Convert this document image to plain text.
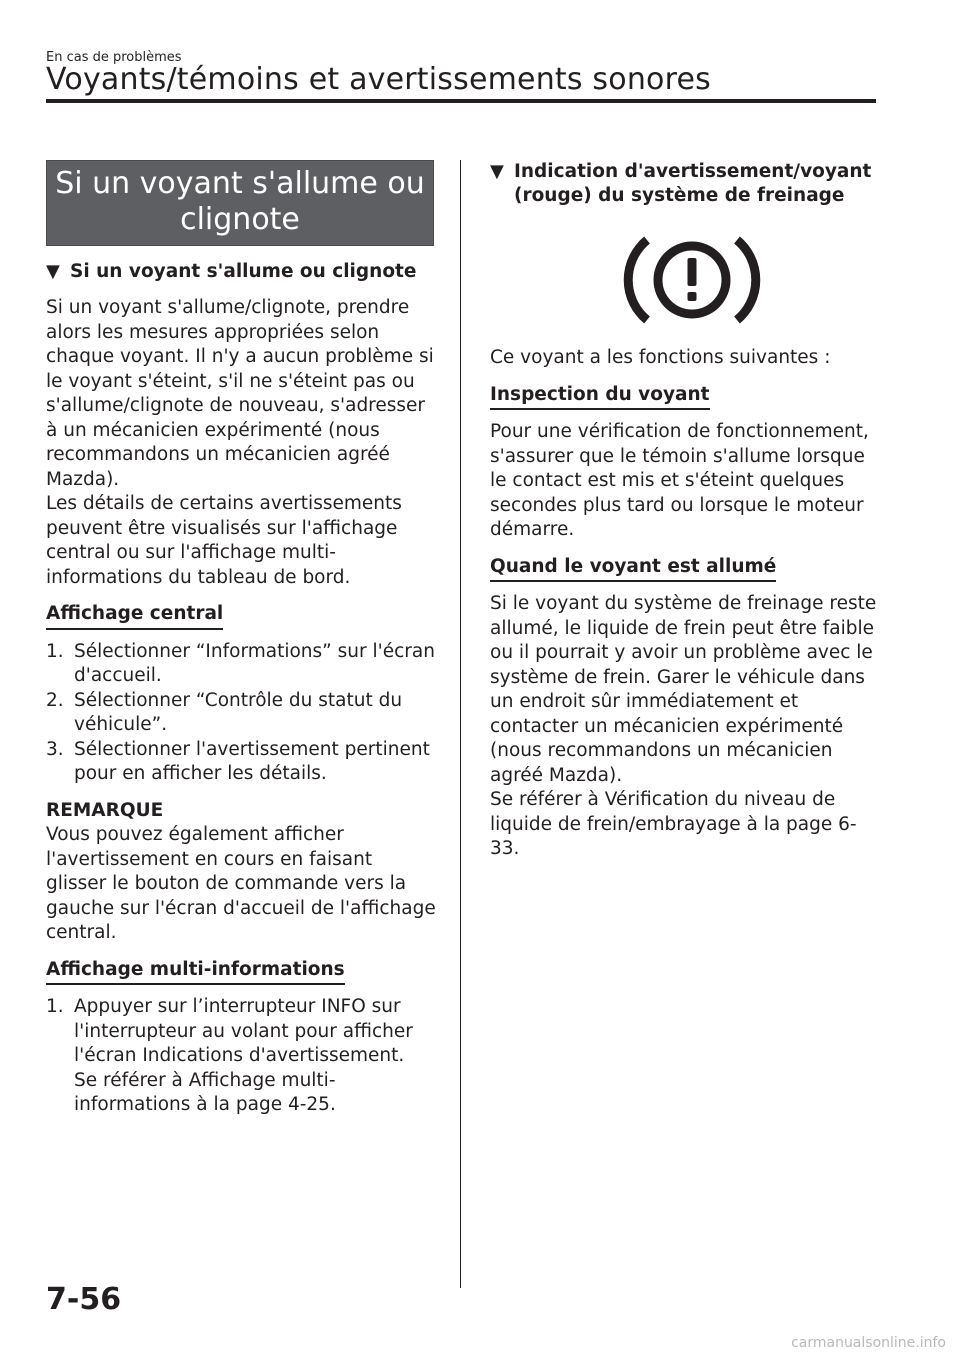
En cas de problèmes
Voyants/témoins et avertissements sonores
Si un voyant s'allume ou clignote
▼ Si un voyant s'allume ou clignote

Si un voyant s'allume/clignote, prendre alors les mesures appropriées selon chaque voyant. Il n'y a aucun problème si le voyant s'éteint, s'il ne s'éteint pas ou s'allume/clignote de nouveau, s'adresser à un mécanicien expérimenté (nous recommandons un mécanicien agréé Mazda).

Les détails de certains avertissements peuvent être visualisés sur l'affichage central ou sur l'affichage multi-informations du tableau de bord.

Affichage central
1. Sélectionner “Informations” sur l'écran d'accueil.
2. Sélectionner “Contrôle du statut du véhicule”.
3. Sélectionner l'avertissement pertinent pour en afficher les détails.
REMARQUE

Vous pouvez également afficher l'avertissement en cours en faisant glisser le bouton de commande vers la gauche sur l'écran d'accueil de l'affichage central.

Affichage multi-informations
1. Appuyer sur l’interrupteur INFO sur l'interrupteur au volant pour afficher l'écran Indications d'avertissement.
Se référer à Affichage multi-informations à la page 4-25.
▼ Indication d'avertissement/voyant (rouge) du système de freinage

Ce voyant a les fonctions suivantes :

Inspection du voyant

Pour une vérification de fonctionnement, s'assurer que le témoin s'allume lorsque le contact est mis et s'éteint quelques secondes plus tard ou lorsque le moteur démarre.

Quand le voyant est allumé

Si le voyant du système de freinage reste allumé, le liquide de frein peut être faible ou il pourrait y avoir un problème avec le système de frein. Garer le véhicule dans un endroit sûr immédiatement et contacter un mécanicien expérimenté (nous recommandons un mécanicien agréé Mazda).
Se référer à Vérification du niveau de liquide de frein/embrayage à la page 6-33.

7-56
carmanualsonline.info
